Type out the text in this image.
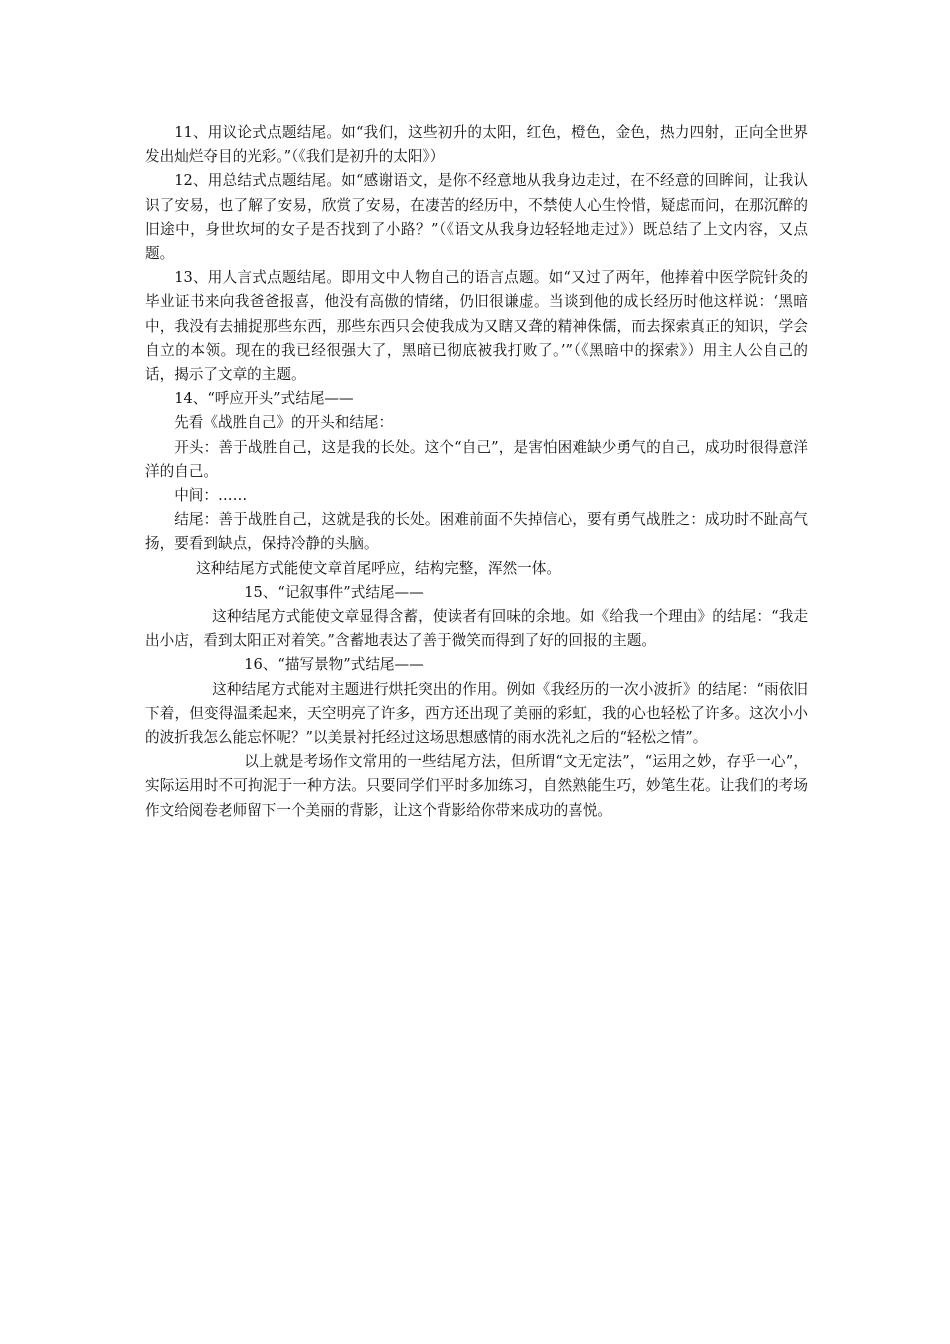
11、用议论式点题结尾。如“我们，这些初升的太阳，红色，橙色，金色，热力四射，正向全世界发出灿烂夺目的光彩。”（《我们是初升的太阳》）

12、用总结式点题结尾。如“感谢语文，是你不经意地从我身边走过，在不经意的回眸间，让我认识了安易，也了解了安易，欣赏了安易，在凄苦的经历中，不禁使人心生怜惜，疑虑而问，在那沉醉的旧途中，身世坎坷的女子是否找到了小路？”（《语文从我身边轻轻地走过》）既总结了上文内容，又点题。

13、用人言式点题结尾。即用文中人物自己的语言点题。如“又过了两年，他捧着中医学院针灸的毕业证书来向我爸爸报喜，他没有高傲的情绪，仍旧很谦虚。当谈到他的成长经历时他这样说：‘黑暗中，我没有去捕捉那些东西，那些东西只会使我成为又瞎又聋的精神侏儒，而去探索真正的知识，学会自立的本领。现在的我已经很强大了，黑暗已彻底被我打败了。’”（《黑暗中的探索》）用主人公自己的话，揭示了文章的主题。

14、“呼应开头”式结尾——

先看《战胜自己》的开头和结尾：

开头：善于战胜自己，这是我的长处。这个“自己”，是害怕困难缺少勇气的自己，成功时很得意洋洋的自己。

中间：……

结尾：善于战胜自己，这就是我的长处。困难前面不失掉信心，要有勇气战胜之：成功时不趾高气扬，要看到缺点，保持冷静的头脑。

这种结尾方式能使文章首尾呼应，结构完整，浑然一体。

15、“记叙事件”式结尾——

这种结尾方式能使文章显得含蓄，使读者有回味的余地。如《给我一个理由》的结尾：“我走出小店，看到太阳正对着笑。”含蓄地表达了善于微笑而得到了好的回报的主题。

16、“描写景物”式结尾——

这种结尾方式能对主题进行烘托突出的作用。例如《我经历的一次小波折》的结尾：“雨依旧下着，但变得温柔起来，天空明亮了许多，西方还出现了美丽的彩虹，我的心也轻松了许多。这次小小的波折我怎么能忘怀呢？”以美景衬托经过这场思想感情的雨水洗礼之后的“轻松之情”。

以上就是考场作文常用的一些结尾方法，但所谓“文无定法”，“运用之妙，存乎一心”，实际运用时不可拘泥于一种方法。只要同学们平时多加练习，自然熟能生巧，妙笔生花。让我们的考场作文给阅卷老师留下一个美丽的背影，让这个背影给你带来成功的喜悦。
